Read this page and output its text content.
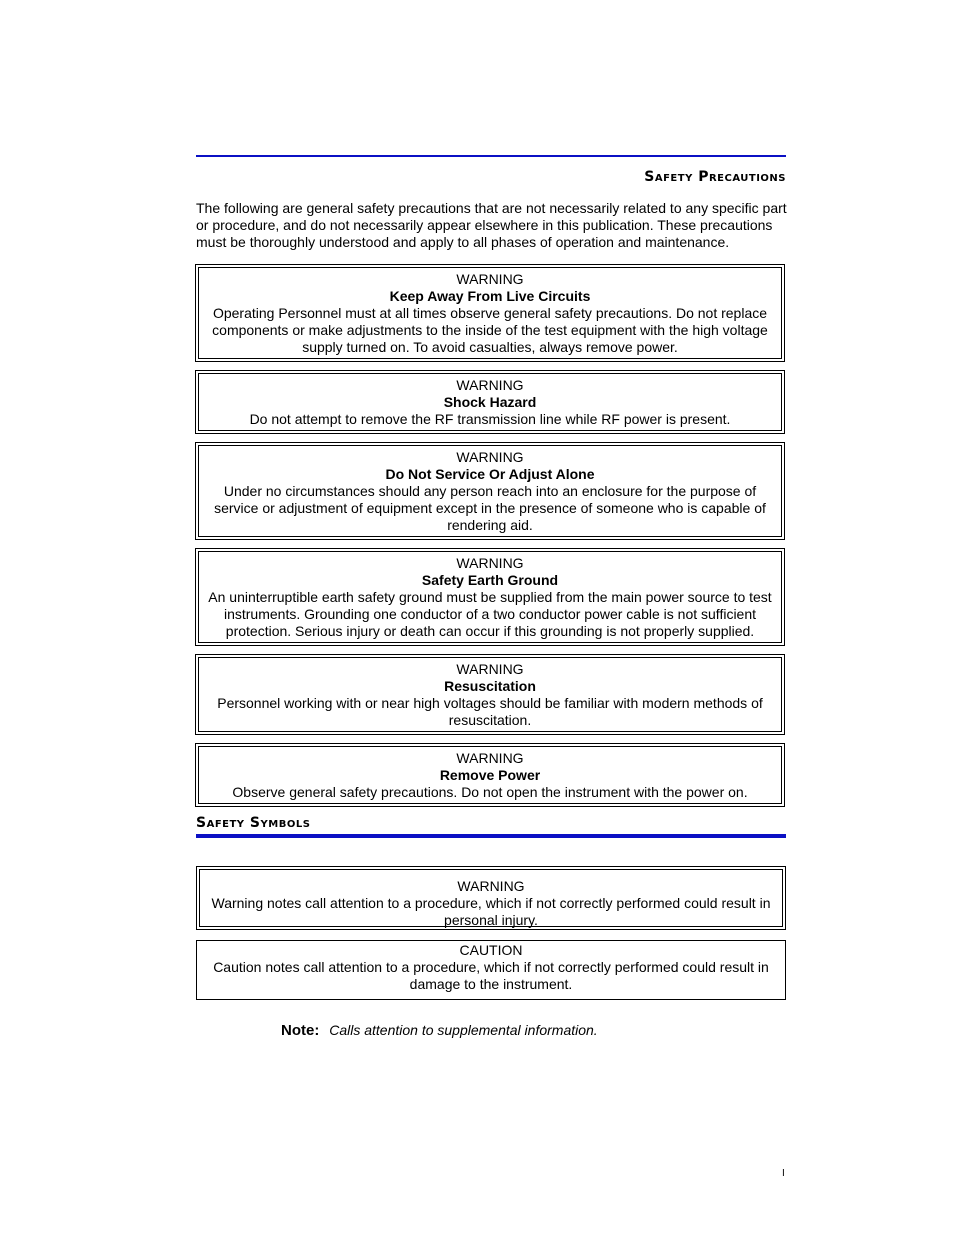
Safety Precautions
The following are general safety precautions that are not necessarily related to any specific part or procedure, and do not necessarily appear elsewhere in this publication. These precautions must be thoroughly understood and apply to all phases of operation and maintenance.
WARNING
Keep Away From Live Circuits
Operating Personnel must at all times observe general safety precautions. Do not replace components or make adjustments to the inside of the test equipment with the high voltage supply turned on. To avoid casualties, always remove power.
WARNING
Shock Hazard
Do not attempt to remove the RF transmission line while RF power is present.
WARNING
Do Not Service Or Adjust Alone
Under no circumstances should any person reach into an enclosure for the purpose of service or adjustment of equipment except in the presence of someone who is capable of rendering aid.
WARNING
Safety Earth Ground
An uninterruptible earth safety ground must be supplied from the main power source to test instruments. Grounding one conductor of a two conductor power cable is not sufficient protection. Serious injury or death can occur if this grounding is not properly supplied.
WARNING
Resuscitation
Personnel working with or near high voltages should be familiar with modern methods of resuscitation.
WARNING
Remove Power
Observe general safety precautions. Do not open the instrument with the power on.
Safety Symbols
WARNING
Warning notes call attention to a procedure, which if not correctly performed could result in personal injury.
CAUTION
Caution notes call attention to a procedure, which if not correctly performed could result in damage to the instrument.
Note: Calls attention to supplemental information.
I
